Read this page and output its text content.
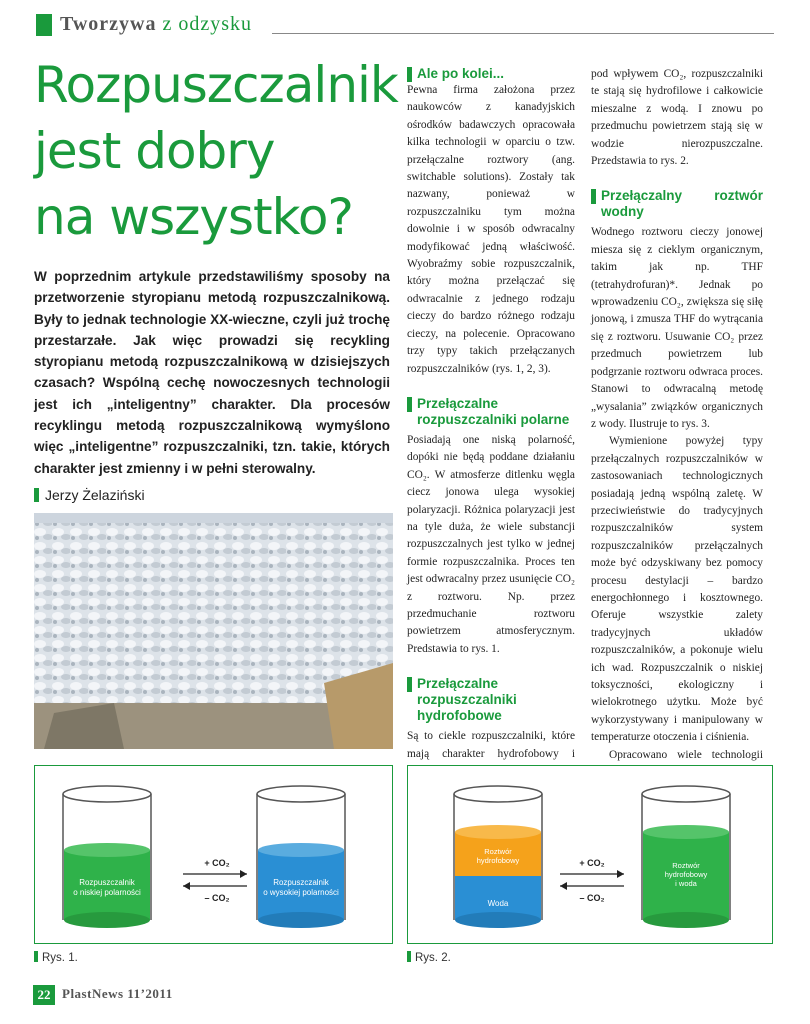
Tworzywa z odzysku
Rozpuszczalnik
jest dobry
na wszystko?
W poprzednim artykule przedstawiliśmy sposoby na przetworzenie styropianu metodą rozpuszczalnikową. Były to jednak technologie XX-wieczne, czyli już trochę przestarzałe. Jak więc prowadzi się recykling styropianu metodą rozpuszczalnikową w dzisiejszych czasach? Wspólną cechę nowoczesnych technologii jest ich „inteligentny” charakter. Dla procesów recyklingu metodą rozpuszczalnikową wymyślono więc „inteligentne” rozpuszczalniki, tzn. takie, których charakter jest zmienny i w pełni sterowalny.
Jerzy Żelaziński
Ale po kolei...

Pewna firma założona przez naukowców z kanadyjskich ośrodków badawczych opracowała kilka technologii w oparciu o tzw. przełączalne roztwory (ang. switchable solutions). Zostały tak nazwany, ponieważ w rozpuszczalniku tym można dowolnie i w sposób odwracalny modyfikować jedną właściwość. Wyobraźmy sobie rozpuszczalnik, który można przełączać się odwracalnie z jednego rodzaju cieczy do bardzo różnego rodzaju cieczy, na polecenie. Opracowano trzy typy takich przełączanych rozpuszczalników (rys. 1, 2, 3).

Przełączalne rozpuszczalniki polarne

Posiadają one niską polarność, dopóki nie będą poddane działaniu CO₂. W atmosferze ditlenku węgla ciecz jonowa ulega wysokiej polaryzacji. Różnica polaryzacji jest na tyle duża, że wiele substancji rozpuszczalnych jest tylko w jednej formie rozpuszczalnika. Proces ten jest odwracalny przez usunięcie CO₂ z roztworu. Np. przez przedmuchanie roztworu powietrzem atmosferycznym. Predstawia to rys. 1.

Przełączalne rozpuszczalniki hydrofobowe

Są to ciekle rozpuszczalniki, które mają charakter hydrofobowy i

pod wpływem CO₂, rozpuszczalniki te stają się hydrofilowe i całkowicie mieszalne z wodą. I znowu po przedmuchu powietrzem stają się w wodzie nierozpuszczalne. Przedstawia to rys. 2.

Przełączalny roztwór wodny

Wodnego roztworu cieczy jonowej miesza się z cieklym organicznym, takim jak np. THF (tetrahydrofuran)*. Jednak po wprowadzeniu CO₂, zwiększa się siłę jonową, i zmusza THF do wytrącania się z roztworu. Usuwanie CO₂ przez przedmuch powietrzem lub podgrzanie roztworu odwraca proces. Stanowi to odwracalną metodę „wysalania” związków organicznych z wody. Ilustruje to rys. 3.

Wymienione powyżej typy przełączalnych rozpuszczalników w zastosowaniach technologicznych posiadają jedną wspólną zaletę. W przeciwieństwie do tradycyjnych rozpuszczalników system rozpuszczalników przełączalnych może być odzyskiwany bez pomocy procesu destylacji – bardzo energochłonnego i kosztownego. Oferuje wszystkie zalety tradycyjnych układów rozpuszczalników, a pokonuje wielu ich wad. Rozpuszczalnik o niskiej toksyczności, ekologiczny i wielokrotnego użytku. Może być wykorzystywany i manipulowany w temperaturze otoczenia i ciśnienia.

Opracowano wiele technologii

Rozpuszczalnik
o niskiej polarności
Rozpuszczalnik
o wysokiej polarności
+ CO₂
– CO₂
Rys. 1.
Roztwór
hydrofobowy
Woda
Roztwór
hydrofobowy
i woda
+ CO₂
– CO₂
Rys. 2.
22 PlastNews 11’2011
